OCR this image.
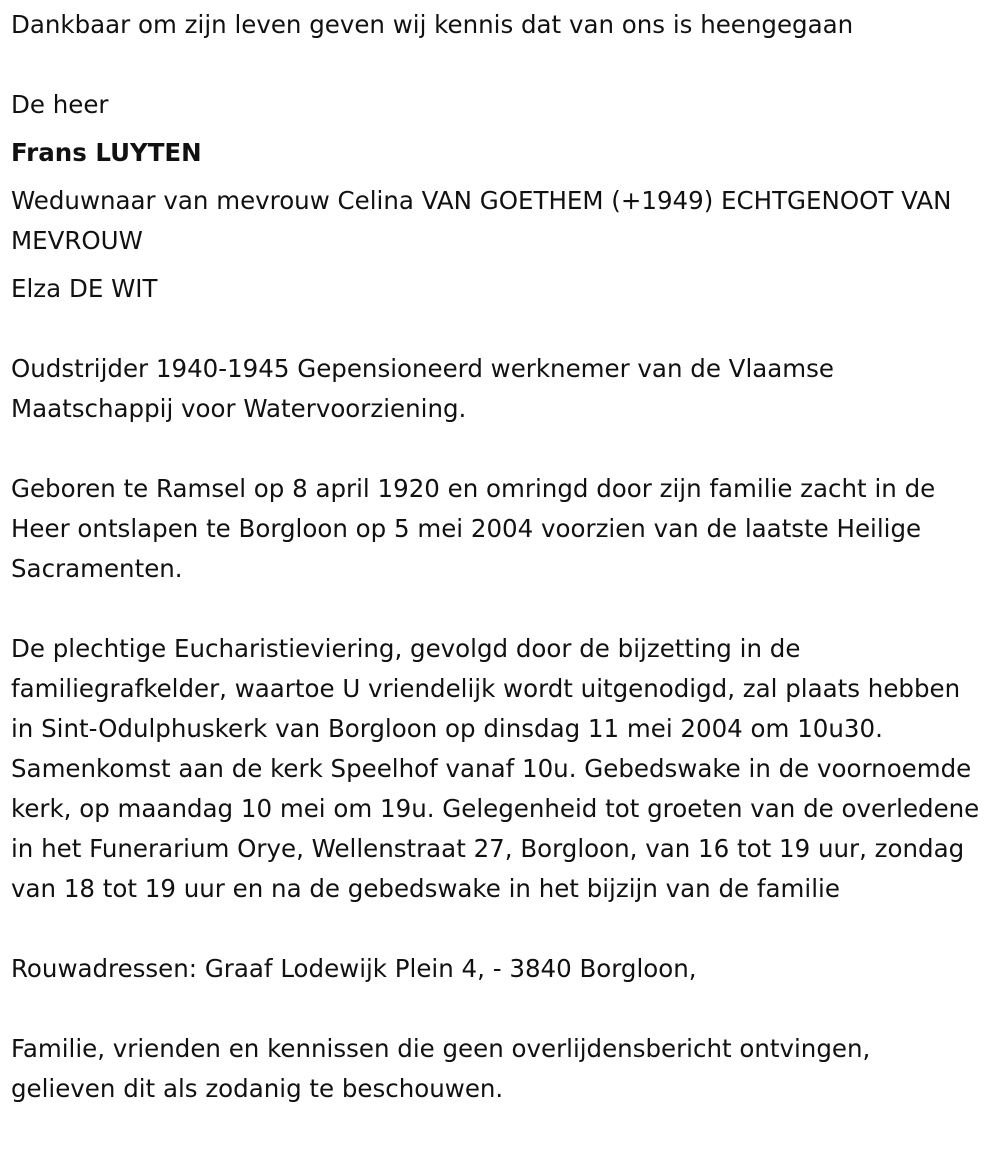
Dankbaar om zijn leven geven wij kennis dat van ons is heengegaan

De heer

Frans LUYTEN

Weduwnaar van mevrouw Celina VAN GOETHEM (+1949) ECHTGENOOT VAN MEVROUW

Elza DE WIT

Oudstrijder 1940-1945 Gepensioneerd werknemer van de Vlaamse Maatschappij voor Watervoorziening.

Geboren te Ramsel op 8 april 1920 en omringd door zijn familie zacht in de Heer ontslapen te Borgloon op 5 mei 2004 voorzien van de laatste Heilige Sacramenten.

De plechtige Eucharistieviering, gevolgd door de bijzetting in de familiegrafkelder, waartoe U vriendelijk wordt uitgenodigd, zal plaats hebben in Sint-Odulphuskerk van Borgloon op dinsdag 11 mei 2004 om 10u30. Samenkomst aan de kerk Speelhof vanaf 10u. Gebedswake in de voornoemde kerk, op maandag 10 mei om 19u. Gelegenheid tot groeten van de overledene in het Funerarium Orye, Wellenstraat 27, Borgloon, van 16 tot 19 uur, zondag van 18 tot 19 uur en na de gebedswake in het bijzijn van de familie

Rouwadressen: Graaf Lodewijk Plein 4, - 3840 Borgloon,

Familie, vrienden en kennissen die geen overlijdensbericht ontvingen, gelieven dit als zodanig te beschouwen.
